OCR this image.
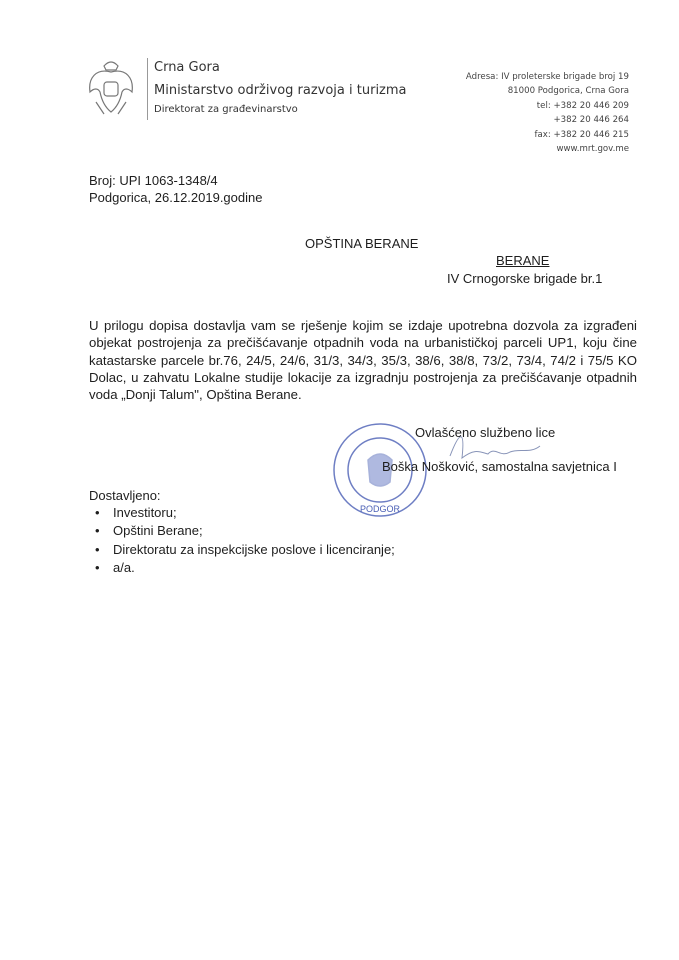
Crna Gora
Ministarstvo održivog razvoja i turizma
Direktorat za građevinarstvo
Adresa: IV proleterske brigade broj 19
81000 Podgorica, Crna Gora
tel: +382 20 446 209
+382 20 446 264
fax: +382 20 446 215
www.mrt.gov.me
Broj: UPI 1063-1348/4
Podgorica, 26.12.2019.godine
OPŠTINA BERANE
BERANE
IV Crnogorske brigade br.1
U prilogu dopisa dostavlja vam se rješenje kojim se izdaje upotrebna dozvola za izgrađeni objekat postrojenja za prečišćavanje otpadnih voda na urbanističkoj parceli UP1, koju čine katastarske parcele br.76, 24/5, 24/6, 31/3, 34/3, 35/3, 38/6, 38/8, 73/2, 73/4, 74/2 i 75/5 KO Dolac, u zahvatu Lokalne studije lokacije za izgradnju postrojenja za prečišćavanje otpadnih voda „Donji Talum", Opština Berane.
PODGOR
Ovlašćeno službeno lice
Boška Nošković, samostalna savjetnica I
Dostavljeno:
• Investitoru;
• Opštini Berane;
• Direktoratu za inspekcijske poslove i licenciranje;
• a/a.
